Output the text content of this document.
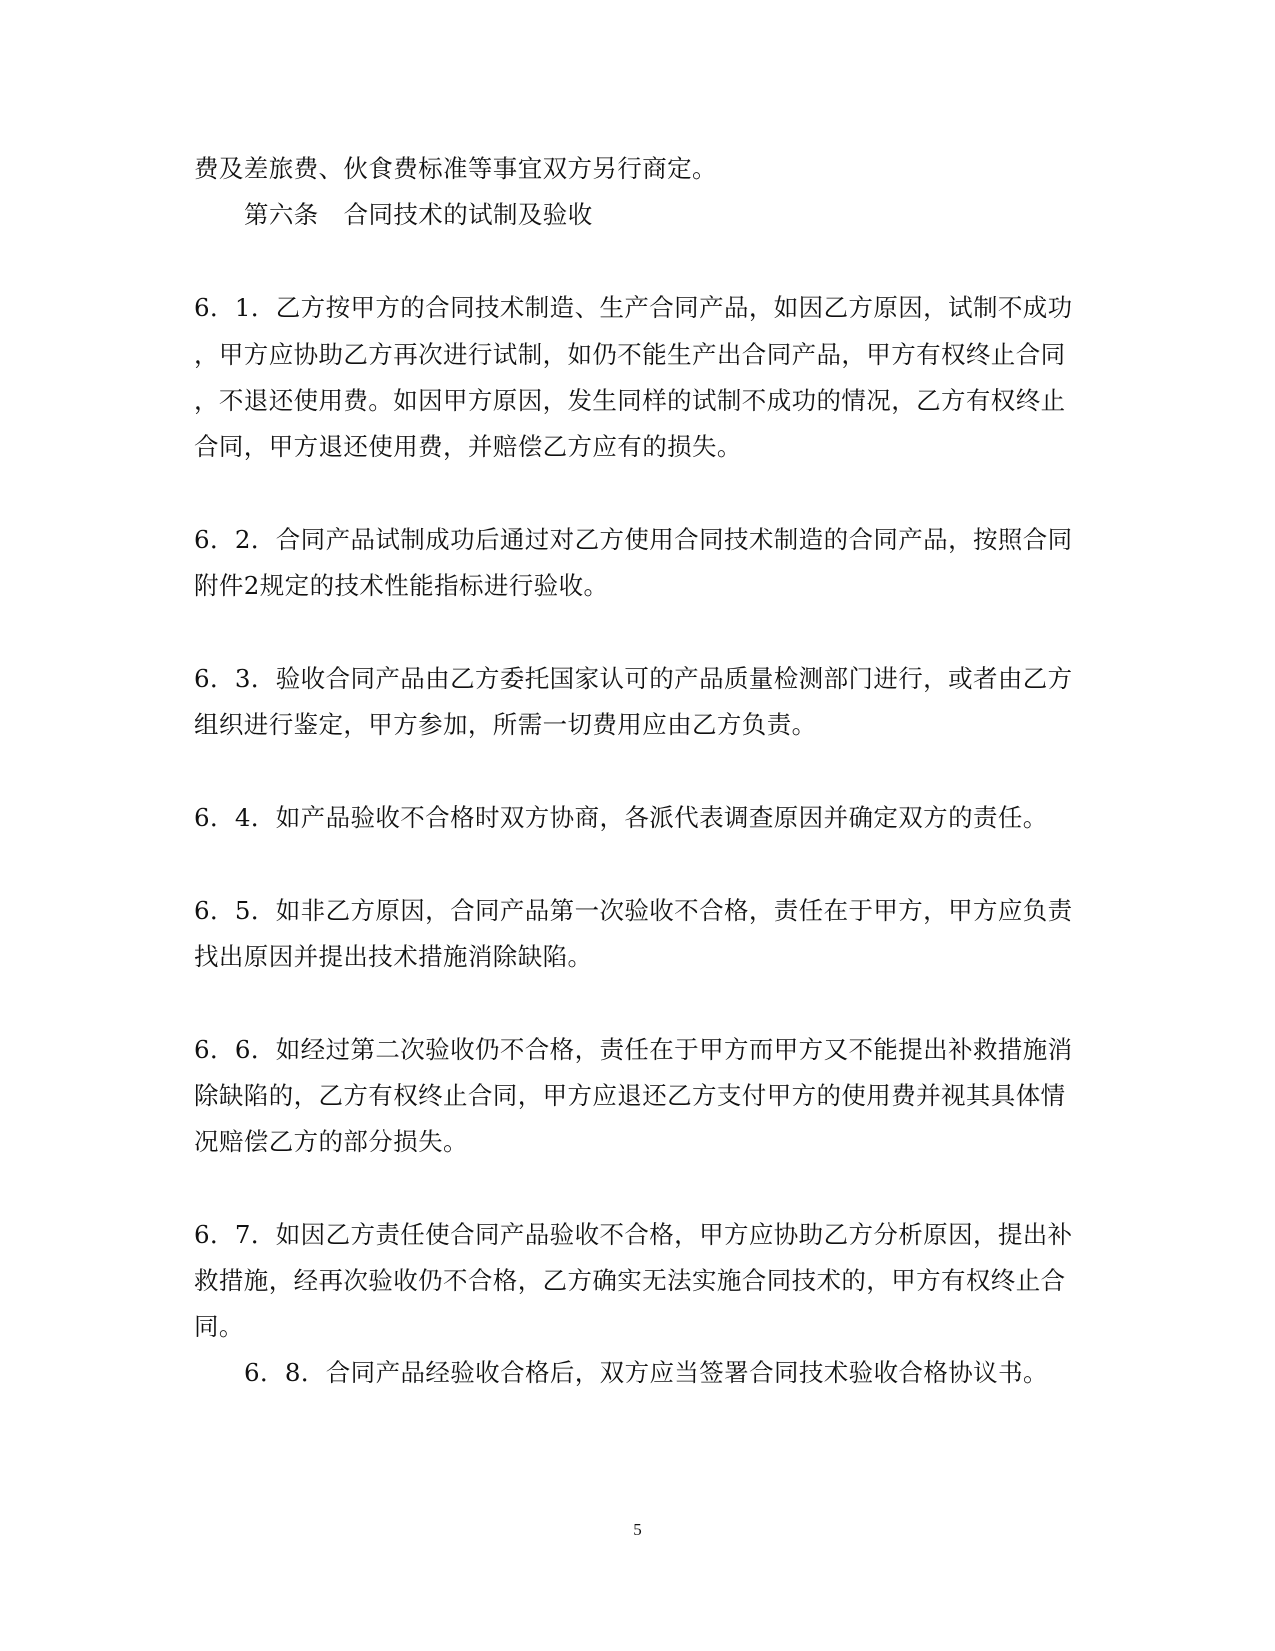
费及差旅费、伙食费标准等事宜双方另行商定。
第六条　合同技术的试制及验收
6．1．乙方按甲方的合同技术制造、生产合同产品，如因乙方原因，试制不成功
，甲方应协助乙方再次进行试制，如仍不能生产出合同产品，甲方有权终止合同
，不退还使用费。如因甲方原因，发生同样的试制不成功的情况，乙方有权终止
合同，甲方退还使用费，并赔偿乙方应有的损失。
6．2．合同产品试制成功后通过对乙方使用合同技术制造的合同产品，按照合同
附件2规定的技术性能指标进行验收。
6．3．验收合同产品由乙方委托国家认可的产品质量检测部门进行，或者由乙方
组织进行鉴定，甲方参加，所需一切费用应由乙方负责。
6．4．如产品验收不合格时双方协商，各派代表调查原因并确定双方的责任。
6．5．如非乙方原因，合同产品第一次验收不合格，责任在于甲方，甲方应负责
找出原因并提出技术措施消除缺陷。
6．6．如经过第二次验收仍不合格，责任在于甲方而甲方又不能提出补救措施消
除缺陷的，乙方有权终止合同，甲方应退还乙方支付甲方的使用费并视其具体情
况赔偿乙方的部分损失。
6．7．如因乙方责任使合同产品验收不合格，甲方应协助乙方分析原因，提出补
救措施，经再次验收仍不合格，乙方确实无法实施合同技术的，甲方有权终止合
同。
6．8．合同产品经验收合格后，双方应当签署合同技术验收合格协议书。
5
